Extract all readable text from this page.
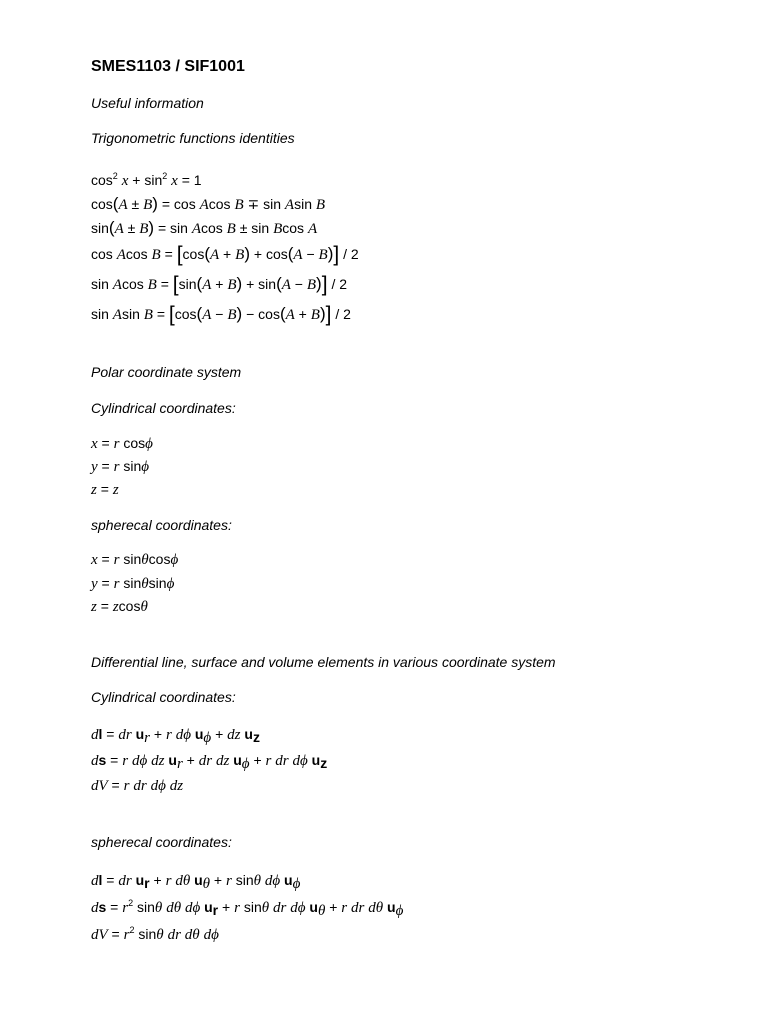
SMES1103 / SIF1001
Useful information
Trigonometric functions identities
$\cos^2 x + \sin^2 x = 1$
cos(A ± B) = cos Acos B ∓ sin Asin B
sin(A ± B) = sin Acos B ± sin Bcos A
cos Acos B = [cos(A + B) + cos(A − B)] / 2
sin Acos B = [sin(A + B) + sin(A − B)] / 2
sin Asin B = [cos(A − B) − cos(A + B)] / 2
Polar coordinate system
Cylindrical coordinates:
x = r cosϕ
y = r sinϕ
z = z
spherecal coordinates:
x = r sinθcosϕ
y = r sinθsinϕ
z = zcosθ
Differential line, surface and volume elements in various coordinate system
Cylindrical coordinates:
dl = dr $u_r + r$ dϕ $u_\phi$ + dz $u_z$
ds = r dϕ dz $u_r$ + dr dz $u_\phi + r$ dr dϕ $u_z$
dV = r dr dϕ dz
spherecal coordinates:
dl = dr $u_r + r$ dθ $u_\theta + r$ sinθ dϕ $u_\phi$
ds = $r^2$ sinθ dθ dϕ $u_r + r$ sinθ dr dϕ $u_\theta + r$ dr dθ $u_\phi$
dV = $r^2$ sinθ dr dθ dϕ
